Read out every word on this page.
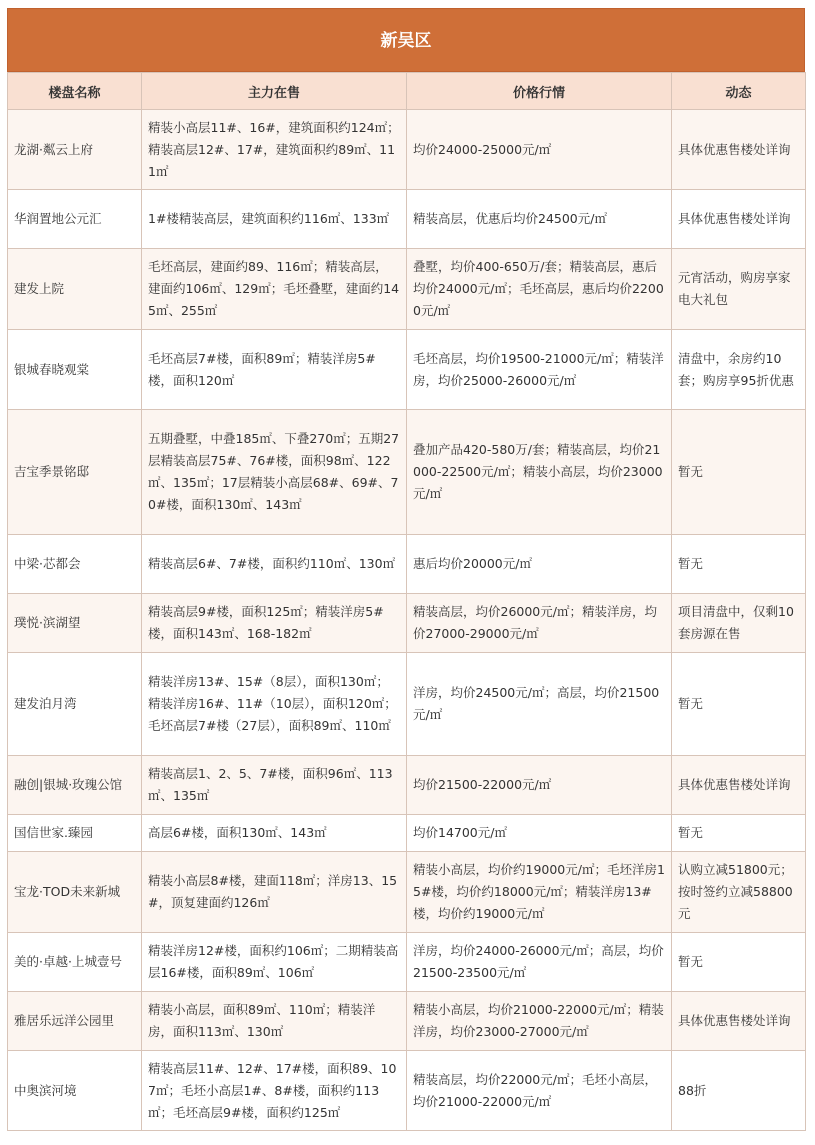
新吴区
楼盘名称	主力在售	价格行情	动态
龙湖·粼云上府	精装小高层11#、16#，建筑面积约124㎡；精装高层12#、17#，建筑面积约89㎡、111㎡	均价24000-25000元/㎡	具体优惠售楼处详询
华润置地公元汇	1#楼精装高层，建筑面积约116㎡、133㎡	精装高层，优惠后均价24500元/㎡	具体优惠售楼处详询
建发上院	毛坯高层，建面约89、116㎡；精装高层，建面约106㎡、129㎡；毛坯叠墅，建面约145㎡、255㎡	叠墅，均价400-650万/套；精装高层，惠后均价24000元/㎡；毛坯高层，惠后均价22000元/㎡	元宵活动，购房享家电大礼包
银城春晓观棠	毛坯高层7#楼，面积89㎡；精装洋房5#楼，面积120㎡	毛坯高层，均价19500-21000元/㎡；精装洋房，均价25000-26000元/㎡	清盘中，余房约10套；购房享95折优惠
吉宝季景铭邸	五期叠墅，中叠185㎡、下叠270㎡；五期27层精装高层75#、76#楼，面积98㎡、122㎡、135㎡；17层精装小高层68#、69#、70#楼，面积130㎡、143㎡	叠加产品420-580万/套；精装高层，均价21000-22500元/㎡；精装小高层，均价23000元/㎡	暂无
中梁·芯都会	精装高层6#、7#楼，面积约110㎡、130㎡	惠后均价20000元/㎡	暂无
璞悦·滨湖望	精装高层9#楼，面积125㎡；精装洋房5#楼，面积143㎡、168-182㎡	精装高层，均价26000元/㎡；精装洋房，均价27000-29000元/㎡	项目清盘中，仅剩10套房源在售
建发泊月湾	精装洋房13#、15#（8层），面积130㎡；精装洋房16#、11#（10层），面积120㎡；毛坯高层7#楼（27层），面积89㎡、110㎡	洋房，均价24500元/㎡；高层，均价21500元/㎡	暂无
融创|银城·玫瑰公馆	精装高层1、2、5、7#楼，面积96㎡、113㎡、135㎡	均价21500-22000元/㎡	具体优惠售楼处详询
国信世家.臻园	高层6#楼，面积130㎡、143㎡	均价14700元/㎡	暂无
宝龙·TOD未来新城	精装小高层8#楼，建面118㎡；洋房13、15#，顶复建面约126㎡	精装小高层，均价约19000元/㎡；毛坯洋房15#楼，均价约18000元/㎡；精装洋房13#楼，均价约19000元/㎡	认购立减51800元；按时签约立减58800元
美的·卓越·上城壹号	精装洋房12#楼，面积约106㎡；二期精装高层16#楼，面积89㎡、106㎡	洋房，均价24000-26000元/㎡；高层，均价21500-23500元/㎡	暂无
雅居乐远洋公园里	精装小高层，面积89㎡、110㎡；精装洋房，面积113㎡、130㎡	精装小高层，均价21000-22000元/㎡；精装洋房，均价23000-27000元/㎡	具体优惠售楼处详询
中奥滨河境	精装高层11#、12#、17#楼，面积89、107㎡；毛坯小高层1#、8#楼，面积约113㎡；毛坯高层9#楼，面积约125㎡	精装高层，均价22000元/㎡；毛坯小高层，均价21000-22000元/㎡	88折
